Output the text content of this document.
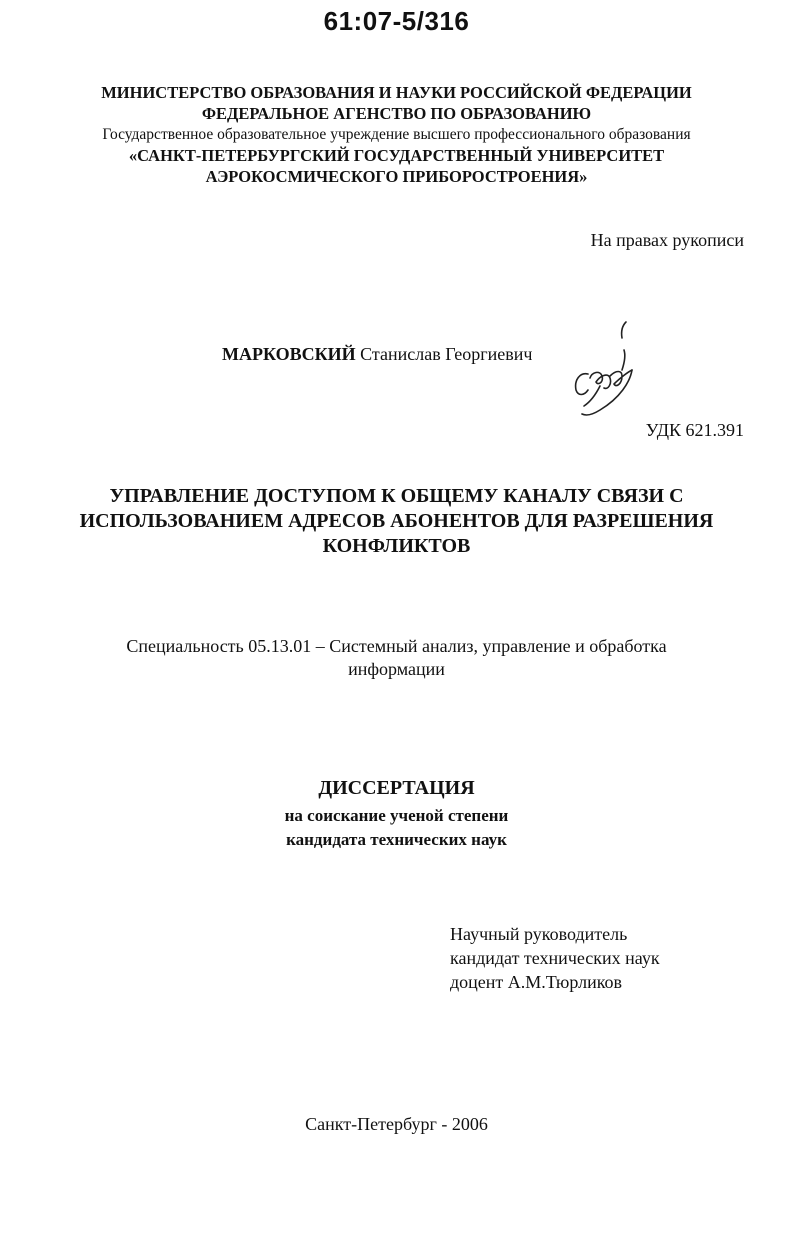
61:07-5/316
МИНИСТЕРСТВО ОБРАЗОВАНИЯ И НАУКИ РОССИЙСКОЙ ФЕДЕРАЦИИ
ФЕДЕРАЛЬНОЕ АГЕНСТВО ПО ОБРАЗОВАНИЮ
Государственное образовательное учреждение высшего профессионального образования
«САНКТ-ПЕТЕРБУРГСКИЙ ГОСУДАРСТВЕННЫЙ УНИВЕРСИТЕТ
АЭРОКОСМИЧЕСКОГО ПРИБОРОСТРОЕНИЯ»
На правах рукописи
МАРКОВСКИЙ Станислав Георгиевич
УДК 621.391
УПРАВЛЕНИЕ ДОСТУПОМ К ОБЩЕМУ КАНАЛУ СВЯЗИ С
ИСПОЛЬЗОВАНИЕМ АДРЕСОВ АБОНЕНТОВ ДЛЯ РАЗРЕШЕНИЯ
КОНФЛИКТОВ
Специальность 05.13.01 – Системный анализ, управление и обработка
информации
ДИССЕРТАЦИЯ
на соискание ученой степени
кандидата технических наук
Научный руководитель
кандидат технических наук
доцент А.М.Тюрликов
Санкт-Петербург - 2006
